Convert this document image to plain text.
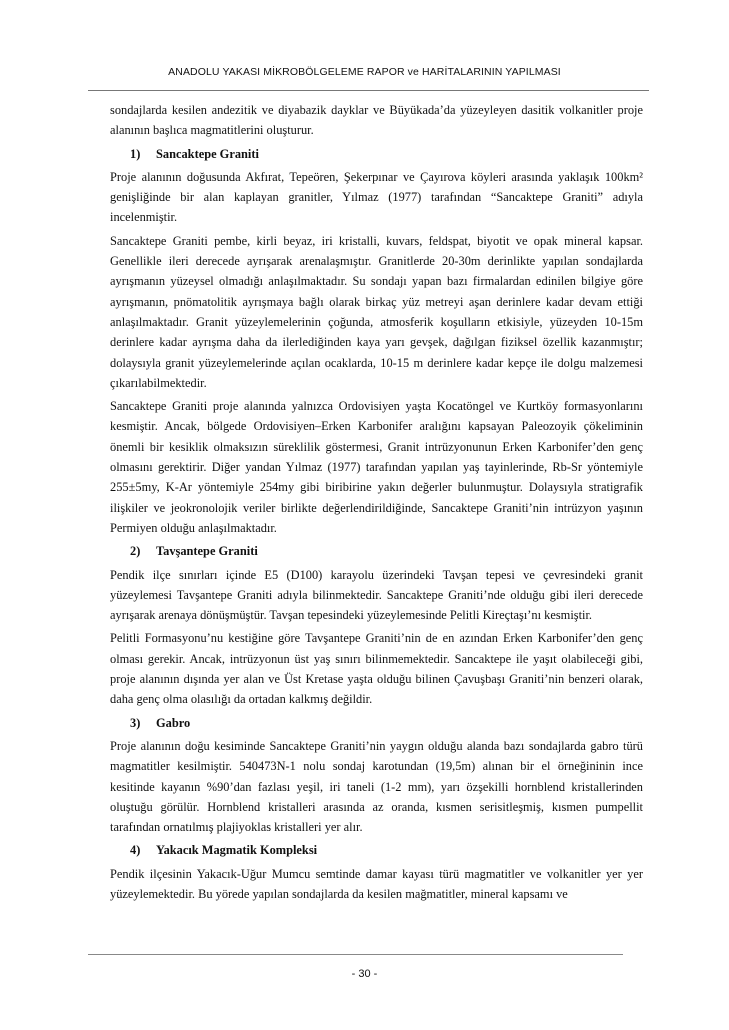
ANADOLU YAKASI MİKROBÖLGELEME RAPOR ve HARİTALARININ YAPILMASI

sondajlarda kesilen andezitik ve diyabazik dayklar ve Büyükada’da yüzeyleyen dasitik volkanitler proje alanının başlıca magmatitlerini oluşturur.

1) Sancaktepe Graniti

Proje alanının doğusunda Akfırat, Tepeören, Şekerpınar ve Çayırova köyleri arasında yaklaşık 100km² genişliğinde bir alan kaplayan granitler, Yılmaz (1977) tarafından “Sancaktepe Graniti” adıyla incelenmiştir.

Sancaktepe Graniti pembe, kirli beyaz, iri kristalli, kuvars, feldspat, biyotit ve opak mineral kapsar. Genellikle ileri derecede ayrışarak arenalaşmıştır. Granitlerde 20-30m derinlikte yapılan sondajlarda ayrışmanın yüzeysel olmadığı anlaşılmaktadır. Su sondajı yapan bazı firmalardan edinilen bilgiye göre ayrışmanın, pnömatolitik ayrışmaya bağlı olarak birkaç yüz metreyi aşan derinlere kadar devam ettiği anlaşılmaktadır. Granit yüzeylemelerinin çoğunda, atmosferik koşulların etkisiyle, yüzeyden 10-15m derinlere kadar ayrışma daha da ilerlediğinden kaya yarı gevşek, dağılgan fiziksel özellik kazanmıştır; dolaysıyla granit yüzeylemelerinde açılan ocaklarda, 10-15 m derinlere kadar kepçe ile dolgu malzemesi çıkarılabilmektedir.

Sancaktepe Graniti proje alanında yalnızca Ordovisiyen yaşta Kocatöngel ve Kurtköy formasyonlarını kesmiştir. Ancak, bölgede Ordovisiyen–Erken Karbonifer aralığını kapsayan Paleozoyik çökeliminin önemli bir kesiklik olmaksızın süreklilik göstermesi, Granit intrüzyonunun Erken Karbonifer’den genç olmasını gerektirir. Diğer yandan Yılmaz (1977) tarafından yapılan yaş tayinlerinde, Rb-Sr yöntemiyle 255±5my, K-Ar yöntemiyle 254my gibi biribirine yakın değerler bulunmuştur. Dolaysıyla stratigrafik ilişkiler ve jeokronolojik veriler birlikte değerlendirildiğinde, Sancaktepe Graniti’nin intrüzyon yaşının Permiyen olduğu anlaşılmaktadır.

2) Tavşantepe Graniti

Pendik ilçe sınırları içinde E5 (D100) karayolu üzerindeki Tavşan tepesi ve çevresindeki granit yüzeylemesi Tavşantepe Graniti adıyla bilinmektedir. Sancaktepe Graniti’nde olduğu gibi ileri derecede ayrışarak arenaya dönüşmüştür. Tavşan tepesindeki yüzeylemesinde Pelitli Kireçtaşı’nı kesmiştir.

Pelitli Formasyonu’nu kestiğine göre Tavşantepe Graniti’nin de en azından Erken Karbonifer’den genç olması gerekir. Ancak, intrüzyonun üst yaş sınırı bilinmemektedir. Sancaktepe ile yaşıt olabileceği gibi, proje alanının dışında yer alan ve Üst Kretase yaşta olduğu bilinen Çavuşbaşı Graniti’nin benzeri olarak, daha genç olma olasılığı da ortadan kalkmış değildir.

3) Gabro

Proje alanının doğu kesiminde Sancaktepe Graniti’nin yaygın olduğu alanda bazı sondajlarda gabro türü magmatitler kesilmiştir. 540473N-1 nolu sondaj karotundan (19,5m) alınan bir el örneğininin ince kesitinde kayanın %90’dan fazlası yeşil, iri taneli (1-2 mm), yarı özşekilli hornblend kristallerinden oluştuğu görülür. Hornblend kristalleri arasında az oranda, kısmen serisitleşmiş, kısmen pumpellit tarafından ornatılmış plajiyoklas kristalleri yer alır.

4) Yakacık Magmatik Kompleksi

Pendik ilçesinin Yakacık-Uğur Mumcu semtinde damar kayası türü magmatitler ve volkanitler yer yer yüzeylemektedir. Bu yörede yapılan sondajlarda da kesilen mağmatitler, mineral kapsamı ve

- 30 -
